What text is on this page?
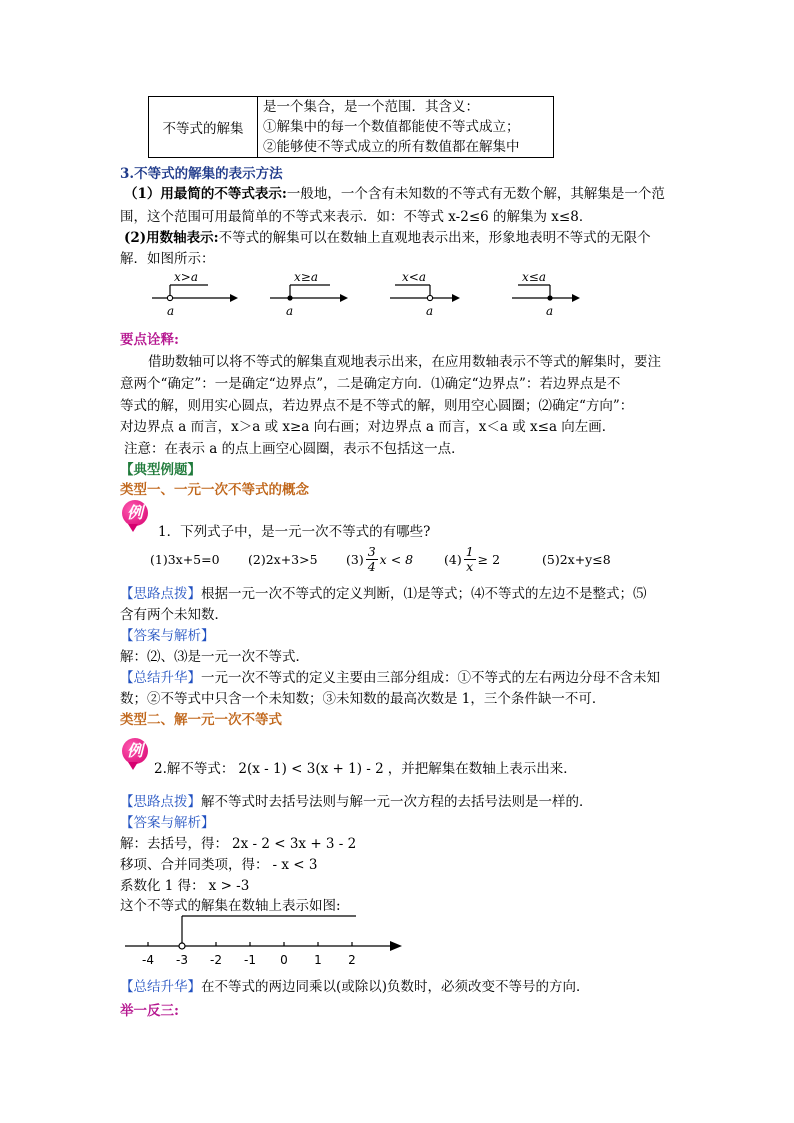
不等式的解集	
是一个集合，是一个范围．其含义：
①解集中的每一个数值都能使不等式成立；
②能够使不等式成立的所有数值都在解集中
3.不等式的解集的表示方法
（1）用最简的不等式表示:一般地，一个含有未知数的不等式有无数个解，其解集是一个范
围，这个范围可用最简单的不等式来表示．如：不等式 x-2≤6 的解集为 x≤8．
(2)用数轴表示:不等式的解集可以在数轴上直观地表示出来，形象地表明不等式的无限个
解．如图所示：
x>a
a
x≥a
a
x<a
a
x≤a
a
要点诠释:
借助数轴可以将不等式的解集直观地表示出来，在应用数轴表示不等式的解集时，要注
意两个“确定”：一是确定“边界点”，二是确定方向．⑴确定“边界点”：若边界点是不
等式的解，则用实心圆点，若边界点不是不等式的解，则用空心圆圈；⑵确定“方向”：
对边界点 a 而言，x＞a 或 x≥a 向右画；对边界点 a 而言，x＜a 或 x≤a 向左画．
注意：在表示 a 的点上画空心圆圈，表示不包括这一点．
【典型例题】
类型一、一元一次不等式的概念
例
1．下列式子中，是一元一次不等式的有哪些?
(1)3x+5=0	(2)2x+3>5	$(3) \frac{3}{4}$ x < 8 $(4) \frac{1}{x} \ge 2$	(5)2x+y≤8
【思路点拨】根据一元一次不等式的定义判断，⑴是等式；⑷不等式的左边不是整式；⑸
含有两个未知数．
【答案与解析】
解：⑵、⑶是一元一次不等式．
【总结升华】一元一次不等式的定义主要由三部分组成：①不等式的左右两边分母不含未知
数；②不等式中只含一个未知数；③未知数的最高次数是 1，三个条件缺一不可．
类型二、解一元一次不等式
例
2.解不等式： 2(x - 1) < 3(x + 1) - 2 ，并把解集在数轴上表示出来．
【思路点拨】解不等式时去括号法则与解一元一次方程的去括号法则是一样的．
【答案与解析】
解：去括号，得： 2x - 2 < 3x + 3 - 2
移项、合并同类项，得： - x < 3
系数化 1 得： x > -3
这个不等式的解集在数轴上表示如图:
-4 -3 -2 -1 0 1 2
【总结升华】在不等式的两边同乘以(或除以)负数时，必须改变不等号的方向．
举一反三:
